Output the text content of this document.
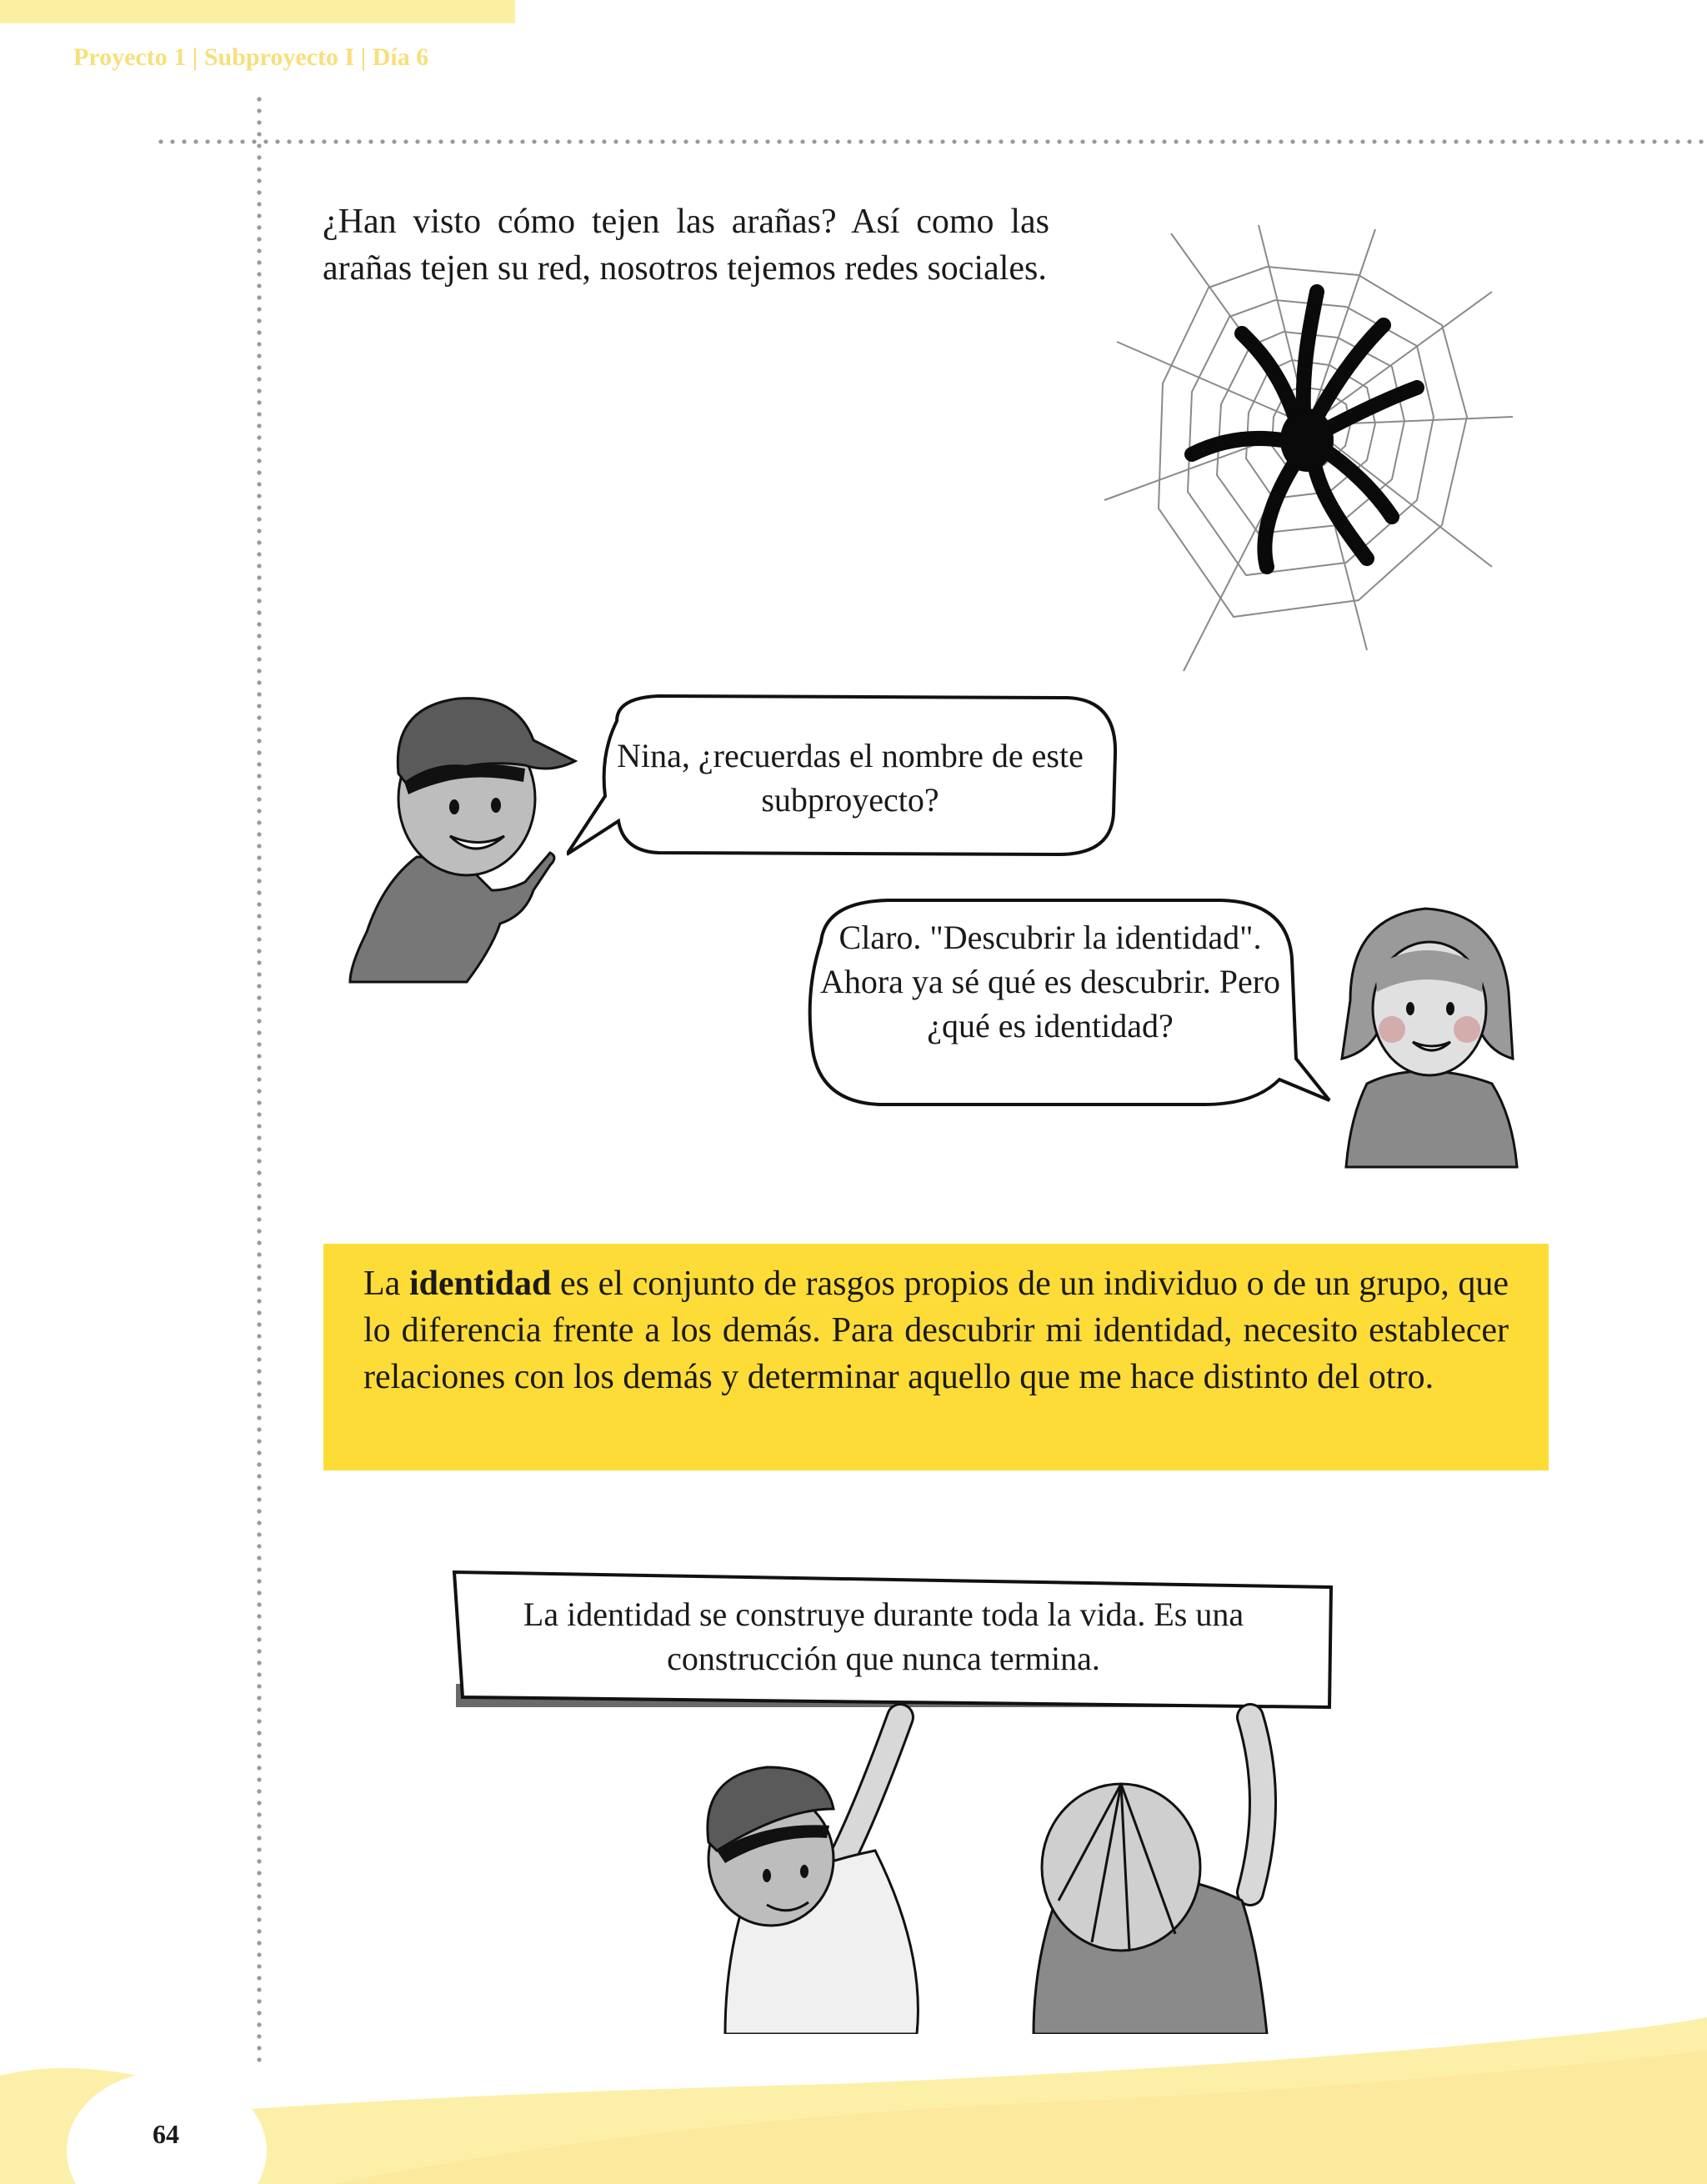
Proyecto 1 | Subproyecto I | Día 6

¿Han visto cómo tejen las arañas? Así como las arañas tejen su red, nosotros tejemos redes sociales.

Nina, ¿recuerdas el nombre de este subproyecto?

Claro. "Descubrir la identidad". Ahora ya sé qué es descubrir. Pero ¿qué es identidad?

La identidad es el conjunto de rasgos propios de un individuo o de un grupo, que lo diferencia frente a los demás. Para descubrir mi identidad, necesito establecer relaciones con los demás y determinar aquello que me hace distinto del otro.

La identidad se construye durante toda la vida. Es una construcción que nunca termina.

64
